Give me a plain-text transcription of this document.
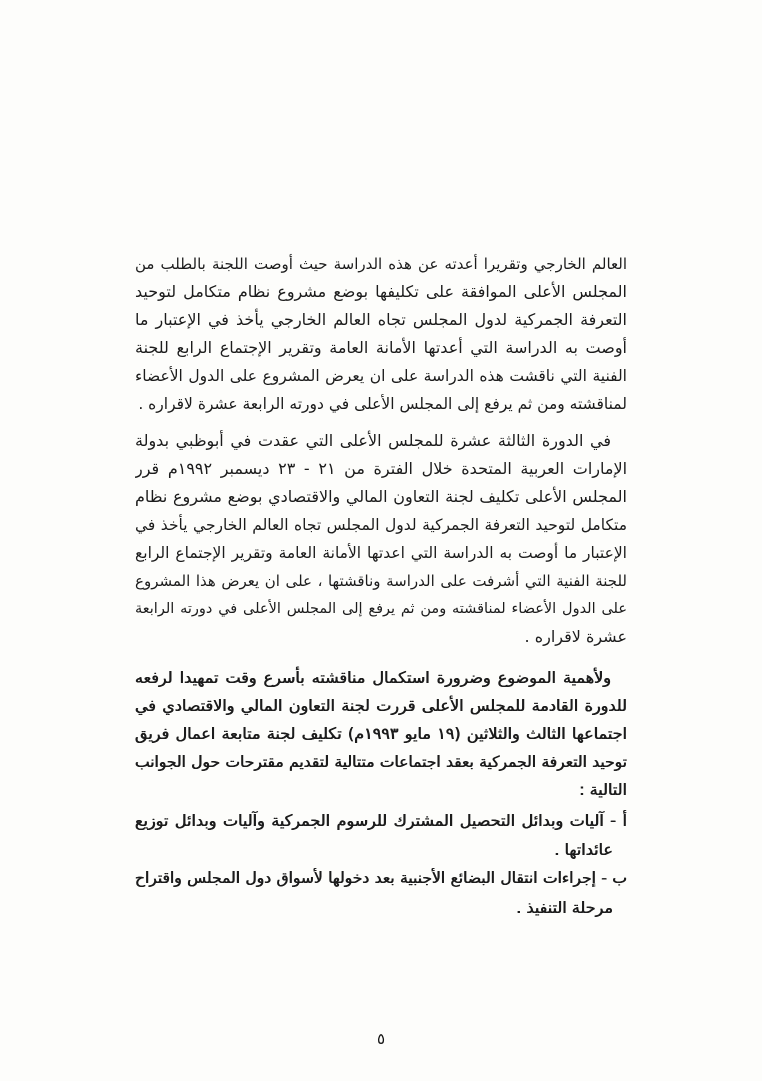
العالم الخارجي وتقريرا أعدته عن هذه الدراسة حيث أوصت اللجنة بالطلب من
المجلس الأعلى الموافقة على تكليفها بوضع مشروع نظام متكامل لتوحيد
التعرفة الجمركية لدول المجلس تجاه العالم الخارجي يأخذ في الإعتبار ما
أوصت به الدراسة التي أعدتها الأمانة العامة وتقرير الإجتماع الرابع للجنة
الفنية التي ناقشت هذه الدراسة على ان يعرض المشروع على الدول الأعضاء
لمناقشته ومن ثم يرفع إلى المجلس الأعلى في دورته الرابعة عشرة لاقراره .
في الدورة الثالثة عشرة للمجلس الأعلى التي عقدت في أبوظبي بدولة
الإمارات العربية المتحدة خلال الفترة من ٢١ - ٢٣ ديسمبر ١٩٩٢م قرر
المجلس الأعلى تكليف لجنة التعاون المالي والاقتصادي بوضع مشروع نظام
متكامل لتوحيد التعرفة الجمركية لدول المجلس تجاه العالم الخارجي يأخذ في
الإعتبار ما أوصت به الدراسة التي اعدتها الأمانة العامة وتقرير الإجتماع الرابع
للجنة الفنية التي أشرفت على الدراسة وناقشتها ، على ان يعرض هذا المشروع
على الدول الأعضاء لمناقشته ومن ثم يرفع إلى المجلس الأعلى في دورته الرابعة
عشرة لاقراره .
ولأهمية الموضوع وضرورة استكمال مناقشته بأسرع وقت تمهيدا لرفعه
للدورة القادمة للمجلس الأعلى قررت لجنة التعاون المالي والاقتصادي في
اجتماعها الثالث والثلاثين (١٩ مايو ١٩٩٣م) تكليف لجنة متابعة اعمال فريق
توحيد التعرفة الجمركية بعقد اجتماعات متتالية لتقديم مقترحات حول الجوانب
التالية :
أ - آليات وبدائل التحصيل المشترك للرسوم الجمركية وآليات وبدائل توزيع
عائداتها .
ب - إجراءات انتقال البضائع الأجنبية بعد دخولها لأسواق دول المجلس واقتراح
مرحلة التنفيذ .
٥
